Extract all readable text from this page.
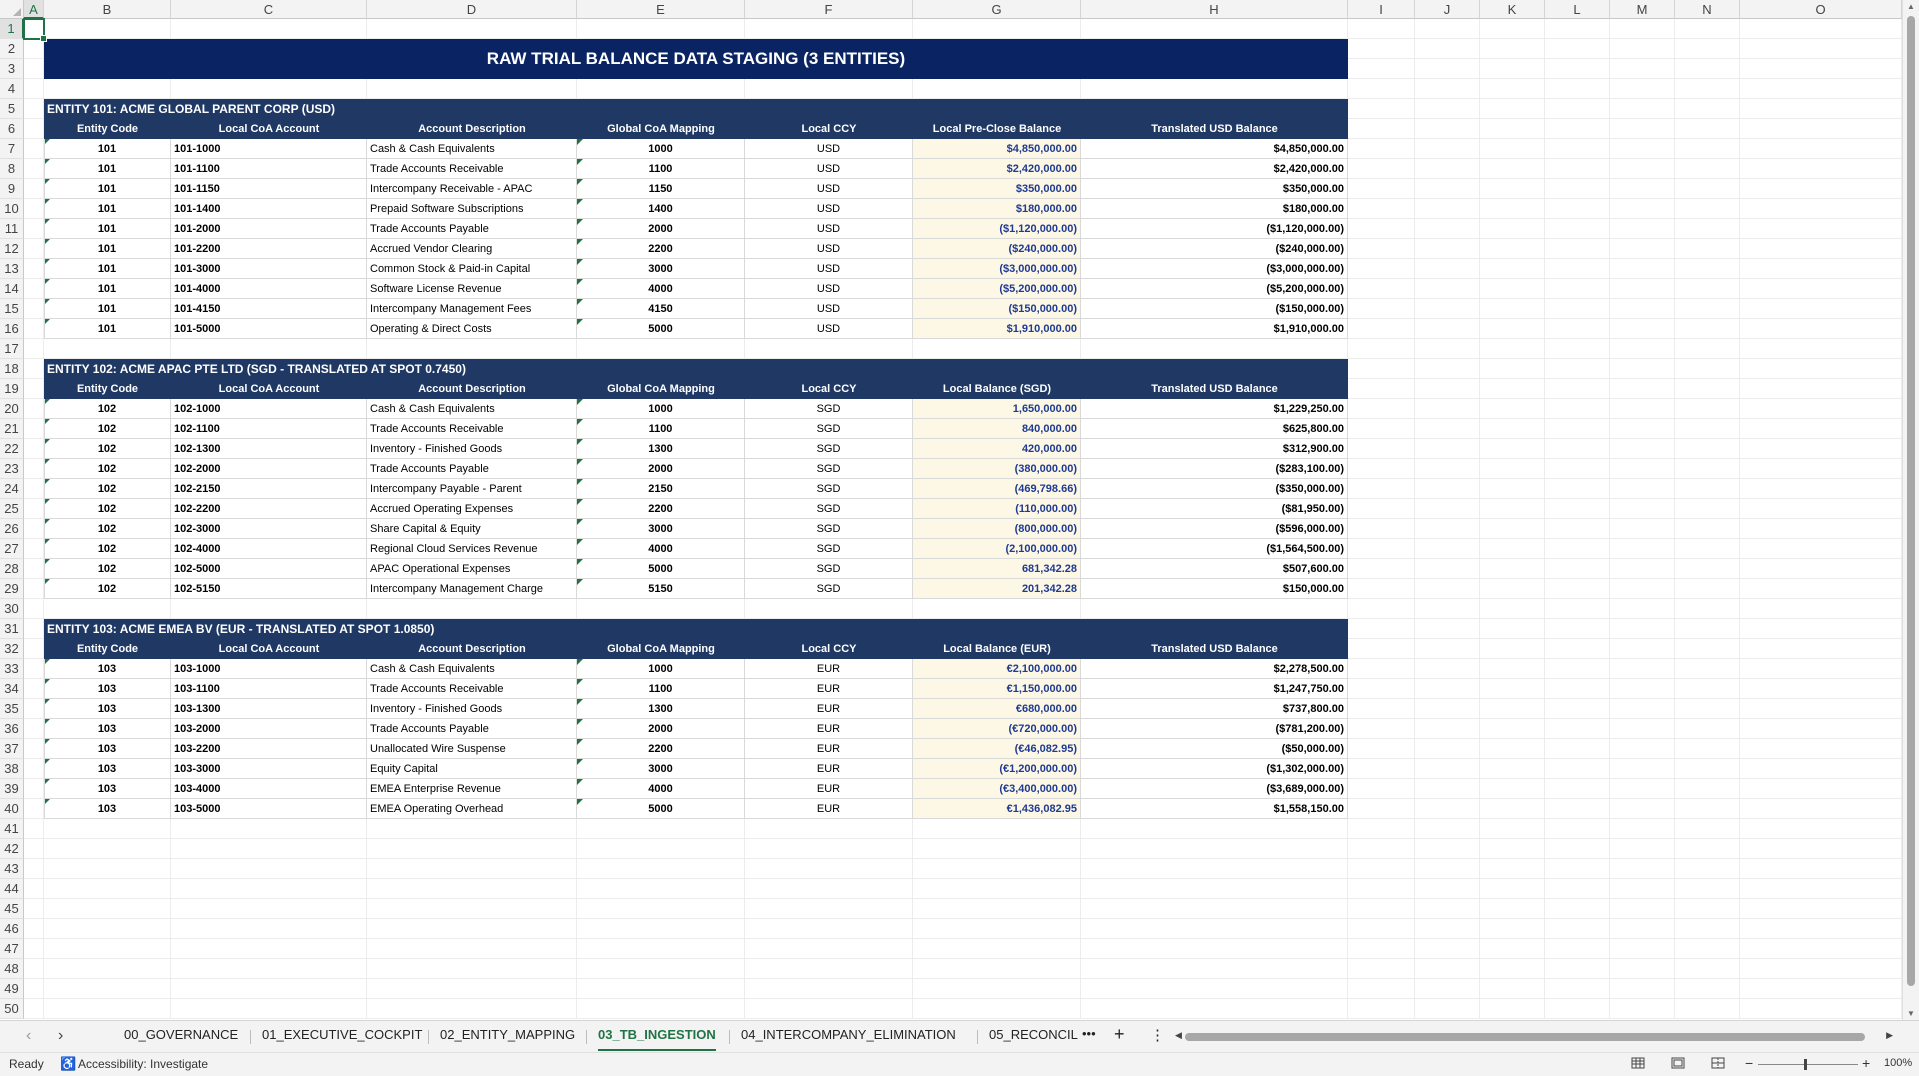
A	B	C	D	E	F	G	H	I	J	K	L	M	N	O
1
2
3
4
5
6
7
8
9
10
11
12
13
14
15
16
17
18
19
20
21
22
23
24
25
26
27
28
29
30
31
32
33
34
35
36
37
38
39
40
41
42
43
44
45
46
47
48
49
50
RAW TRIAL BALANCE DATA STAGING (3 ENTITIES)
ENTITY 101: ACME GLOBAL PARENT CORP (USD)
Entity Code	Local CoA Account	Account Description	Global CoA Mapping	Local CCY	Local Pre-Close Balance	Translated USD Balance
101	101-1000	Cash & Cash Equivalents	1000	USD	$4,850,000.00	$4,850,000.00
101	101-1100	Trade Accounts Receivable	1100	USD	$2,420,000.00	$2,420,000.00
101	101-1150	Intercompany Receivable - APAC	1150	USD	$350,000.00	$350,000.00
101	101-1400	Prepaid Software Subscriptions	1400	USD	$180,000.00	$180,000.00
101	101-2000	Trade Accounts Payable	2000	USD	($1,120,000.00)	($1,120,000.00)
101	101-2200	Accrued Vendor Clearing	2200	USD	($240,000.00)	($240,000.00)
101	101-3000	Common Stock & Paid-in Capital	3000	USD	($3,000,000.00)	($3,000,000.00)
101	101-4000	Software License Revenue	4000	USD	($5,200,000.00)	($5,200,000.00)
101	101-4150	Intercompany Management Fees	4150	USD	($150,000.00)	($150,000.00)
101	101-5000	Operating & Direct Costs	5000	USD	$1,910,000.00	$1,910,000.00
ENTITY 102: ACME APAC PTE LTD (SGD - TRANSLATED AT SPOT 0.7450)
Entity Code	Local CoA Account	Account Description	Global CoA Mapping	Local CCY	Local Balance (SGD)	Translated USD Balance
102	102-1000	Cash & Cash Equivalents	1000	SGD	1,650,000.00	$1,229,250.00
102	102-1100	Trade Accounts Receivable	1100	SGD	840,000.00	$625,800.00
102	102-1300	Inventory - Finished Goods	1300	SGD	420,000.00	$312,900.00
102	102-2000	Trade Accounts Payable	2000	SGD	(380,000.00)	($283,100.00)
102	102-2150	Intercompany Payable - Parent	2150	SGD	(469,798.66)	($350,000.00)
102	102-2200	Accrued Operating Expenses	2200	SGD	(110,000.00)	($81,950.00)
102	102-3000	Share Capital & Equity	3000	SGD	(800,000.00)	($596,000.00)
102	102-4000	Regional Cloud Services Revenue	4000	SGD	(2,100,000.00)	($1,564,500.00)
102	102-5000	APAC Operational Expenses	5000	SGD	681,342.28	$507,600.00
102	102-5150	Intercompany Management Charge	5150	SGD	201,342.28	$150,000.00
ENTITY 103: ACME EMEA BV (EUR - TRANSLATED AT SPOT 1.0850)
Entity Code	Local CoA Account	Account Description	Global CoA Mapping	Local CCY	Local Balance (EUR)	Translated USD Balance
103	103-1000	Cash & Cash Equivalents	1000	EUR	€2,100,000.00	$2,278,500.00
103	103-1100	Trade Accounts Receivable	1100	EUR	€1,150,000.00	$1,247,750.00
103	103-1300	Inventory - Finished Goods	1300	EUR	€680,000.00	$737,800.00
103	103-2000	Trade Accounts Payable	2000	EUR	(€720,000.00)	($781,200.00)
103	103-2200	Unallocated Wire Suspense	2200	EUR	(€46,082.95)	($50,000.00)
103	103-3000	Equity Capital	3000	EUR	(€1,200,000.00)	($1,302,000.00)
103	103-4000	EMEA Enterprise Revenue	4000	EUR	(€3,400,000.00)	($3,689,000.00)
103	103-5000	EMEA Operating Overhead	5000	EUR	€1,436,082.95	$1,558,150.00
▲
▼
‹ ›	00_GOVERNANCE 01_EXECUTIVE_COCKPIT 02_ENTITY_MAPPING 03_TB_INGESTION 04_INTERCOMPANY_ELIMINATION	05_RECONCIL ••• + ⋮ ◀	▶
Ready ♿ Accessibility: Investigate	−	+ 100%
